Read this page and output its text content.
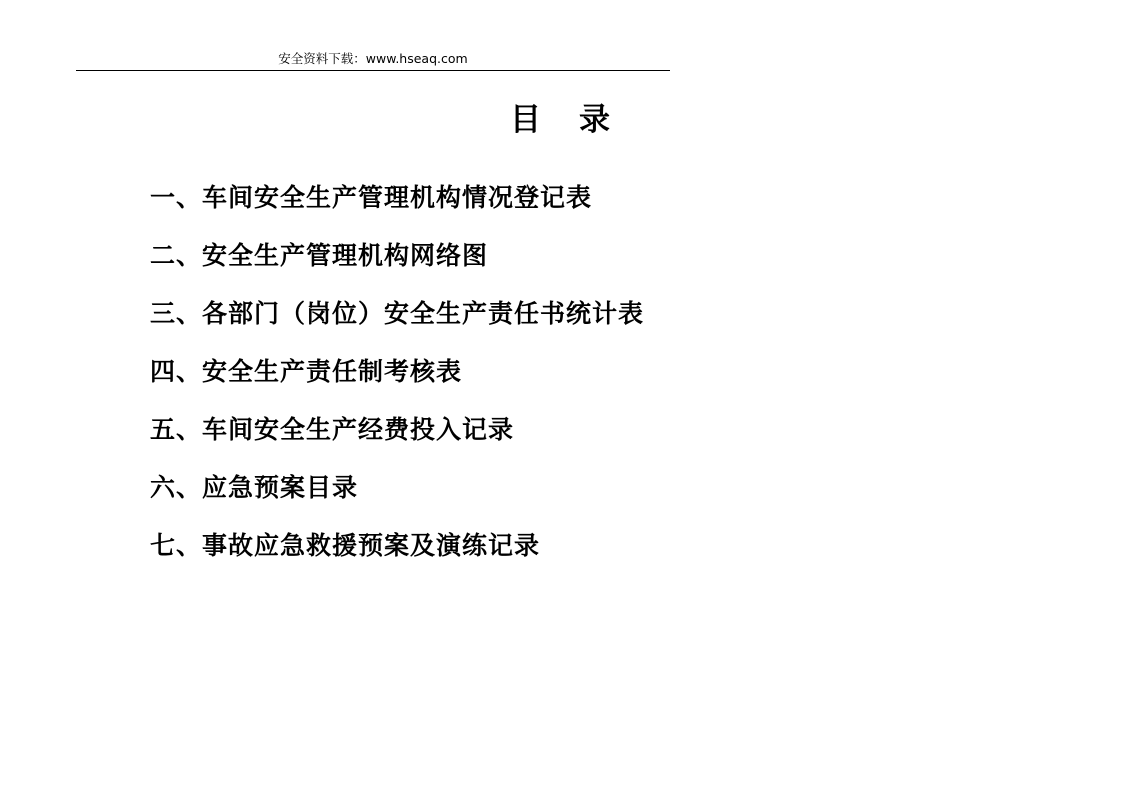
安全资料下载：www.hseaq.com
目 录
一、车间安全生产管理机构情况登记表
二、安全生产管理机构网络图
三、各部门（岗位）安全生产责任书统计表
四、安全生产责任制考核表
五、车间安全生产经费投入记录
六、应急预案目录
七、事故应急救援预案及演练记录
